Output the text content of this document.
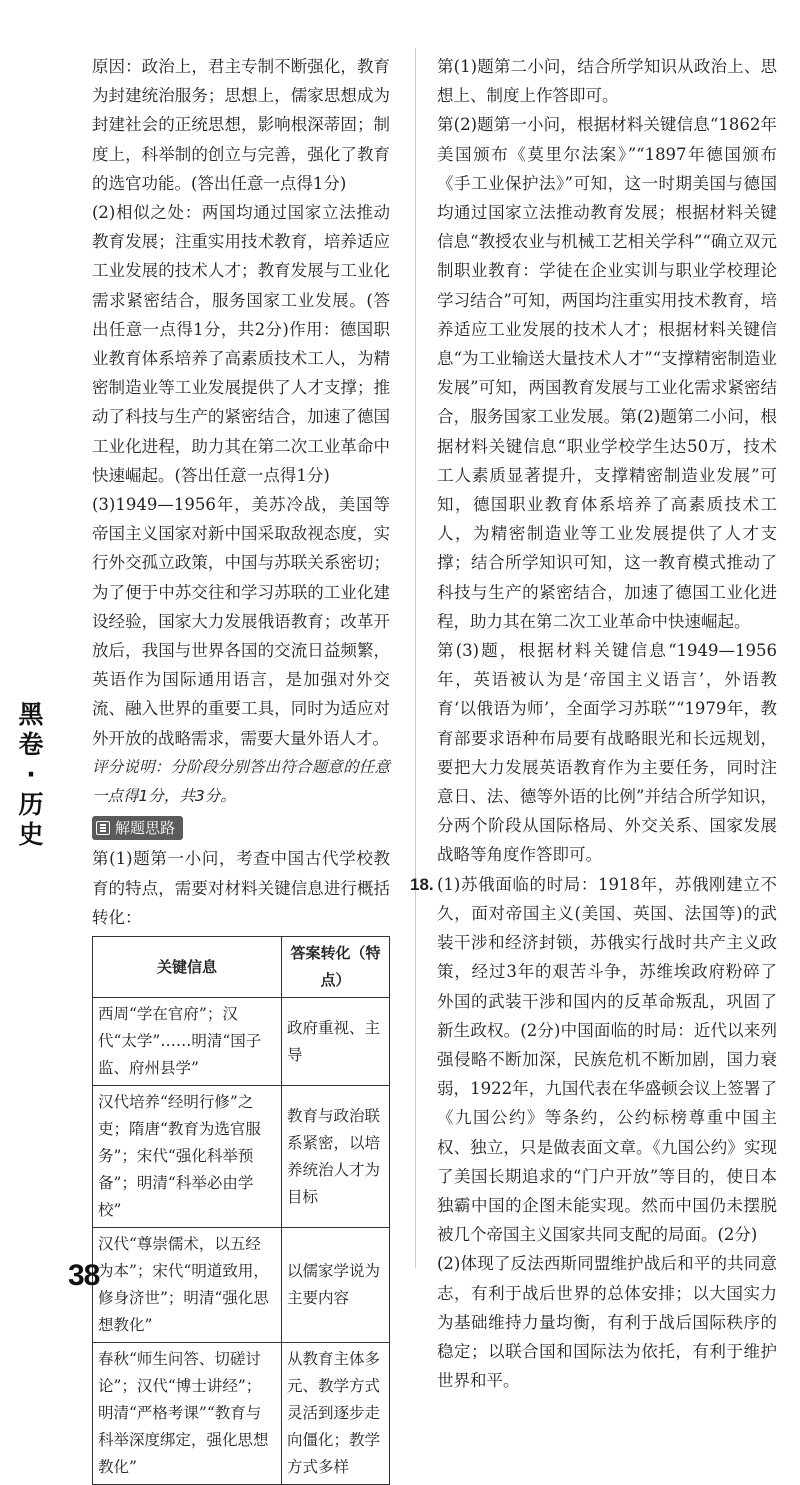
原因：政治上，君主专制不断强化，教育为封建统治服务；思想上，儒家思想成为封建社会的正统思想，影响根深蒂固；制度上，科举制的创立与完善，强化了教育的选官功能。(答出任意一点得1分)

(2)相似之处：两国均通过国家立法推动教育发展；注重实用技术教育，培养适应工业发展的技术人才；教育发展与工业化需求紧密结合，服务国家工业发展。(答出任意一点得1分，共2分)作用：德国职业教育体系培养了高素质技术工人，为精密制造业等工业发展提供了人才支撑；推动了科技与生产的紧密结合，加速了德国工业化进程，助力其在第二次工业革命中快速崛起。(答出任意一点得1分)

(3)1949—1956年，美苏冷战，美国等帝国主义国家对新中国采取敌视态度，实行外交孤立政策，中国与苏联关系密切；为了便于中苏交往和学习苏联的工业化建设经验，国家大力发展俄语教育；改革开放后，我国与世界各国的交流日益频繁，英语作为国际通用语言，是加强对外交流、融入世界的重要工具，同时为适应对外开放的战略需求，需要大量外语人才。

评分说明：分阶段分别答出符合题意的任意一点得1分，共3分。

解题思路

第(1)题第一小问，考查中国古代学校教育的特点，需要对材料关键信息进行概括转化：

关键信息	答案转化（特点）
西周“学在官府”；汉代“太学”……明清“国子监、府州县学”	政府重视、主导
汉代培养“经明行修”之吏；隋唐“教育为选官服务”；宋代“强化科举预备”；明清“科举必由学校”	教育与政治联系紧密，以培养统治人才为目标
汉代“尊崇儒术，以五经为本”；宋代“明道致用，修身济世”；明清“强化思想教化”	以儒家学说为主要内容
春秋“师生问答、切磋讨论”；汉代“博士讲经”；明清“严格考课”“教育与科举深度绑定，强化思想教化”	从教育主体多元、教学方式灵活到逐步走向僵化；教学方式多样

第(1)题第二小问，结合所学知识从政治上、思想上、制度上作答即可。

第(2)题第一小问，根据材料关键信息“1862年美国颁布《莫里尔法案》”“1897年德国颁布《手工业保护法》”可知，这一时期美国与德国均通过国家立法推动教育发展；根据材料关键信息“教授农业与机械工艺相关学科”“确立双元制职业教育：学徒在企业实训与职业学校理论学习结合”可知，两国均注重实用技术教育，培养适应工业发展的技术人才；根据材料关键信息“为工业输送大量技术人才”“支撑精密制造业发展”可知，两国教育发展与工业化需求紧密结合，服务国家工业发展。第(2)题第二小问，根据材料关键信息“职业学校学生达50万，技术工人素质显著提升，支撑精密制造业发展”可知，德国职业教育体系培养了高素质技术工人，为精密制造业等工业发展提供了人才支撑；结合所学知识可知，这一教育模式推动了科技与生产的紧密结合，加速了德国工业化进程，助力其在第二次工业革命中快速崛起。

第(3)题，根据材料关键信息“1949—1956年，英语被认为是‘帝国主义语言’，外语教育‘以俄语为师’，全面学习苏联”“1979年，教育部要求语种布局要有战略眼光和长远规划，要把大力发展英语教育作为主要任务，同时注意日、法、德等外语的比例”并结合所学知识，分两个阶段从国际格局、外交关系、国家发展战略等角度作答即可。

18. (1)苏俄面临的时局：1918年，苏俄刚建立不久，面对帝国主义(美国、英国、法国等)的武装干涉和经济封锁，苏俄实行战时共产主义政策，经过3年的艰苦斗争，苏维埃政府粉碎了外国的武装干涉和国内的反革命叛乱，巩固了新生政权。(2分)中国面临的时局：近代以来列强侵略不断加深，民族危机不断加剧，国力衰弱，1922年，九国代表在华盛顿会议上签署了《九国公约》等条约，公约标榜尊重中国主权、独立，只是做表面文章。《九国公约》实现了美国长期追求的“门户开放”等目的，使日本独霸中国的企图未能实现。然而中国仍未摆脱被几个帝国主义国家共同支配的局面。(2分)

(2)体现了反法西斯同盟维护战后和平的共同意志，有利于战后世界的总体安排；以大国实力为基础维持力量均衡，有利于战后国际秩序的稳定；以联合国和国际法为依托，有利于维护世界和平。

黑
卷
·
历
史
38
